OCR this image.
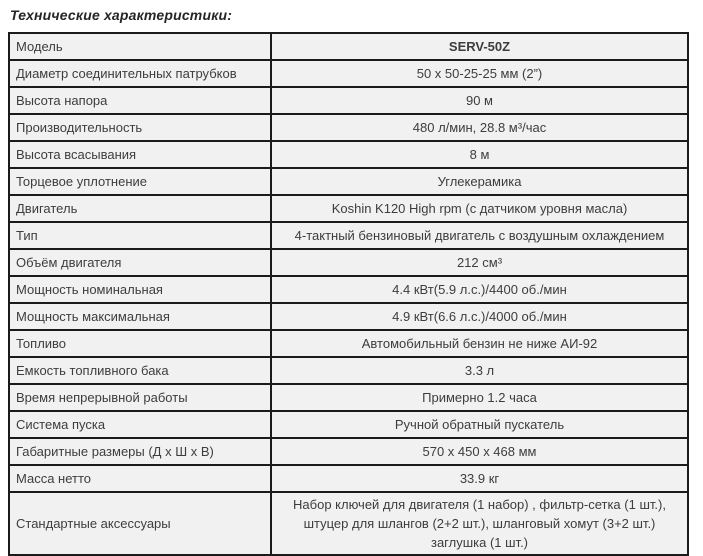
Технические характеристики:
Модель	SERV-50Z
Диаметр соединительных патрубков	50 x 50-25-25 мм (2”)
Высота напора	90 м
Производительность	480 л/мин, 28.8 м³/час
Высота всасывания	8 м
Торцевое уплотнение	Углекерамика
Двигатель	Koshin K120 High rpm (с датчиком уровня масла)
Тип	4-тактный бензиновый двигатель с воздушным охлаждением
Объём двигателя	212 см³
Мощность номинальная	4.4 кВт(5.9 л.с.)/4400 об./мин
Мощность максимальная	4.9 кВт(6.6 л.с.)/4000 об./мин
Топливо	Автомобильный бензин не ниже АИ-92
Емкость топливного бака	3.3 л
Время непрерывной работы	Примерно 1.2 часа
Система пуска	Ручной обратный пускатель
Габаритные размеры (Д х Ш х В)	570 x 450 x 468 мм
Масса нетто	33.9 кг
Стандартные аксессуары	Набор ключей для двигателя (1 набор) , фильтр-сетка (1 шт.), штуцер для шлангов (2+2 шт.), шланговый хомут (3+2 шт.) заглушка (1 шт.)
